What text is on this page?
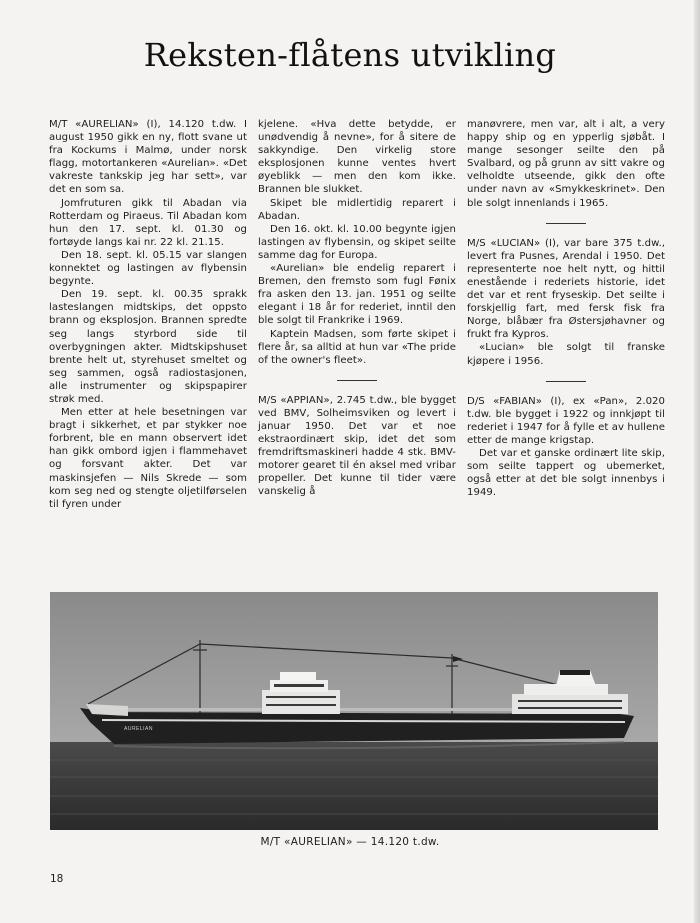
Reksten-flåtens utvikling

M/T «AURELIAN» (I), 14.120 t.dw. I august 1950 gikk en ny, flott svane ut fra Kockums i Malmø, under norsk flagg, motortankeren «Aurelian». «Det vakreste tankskip jeg har sett», var det en som sa.

Jomfruturen gikk til Abadan via Rotterdam og Piraeus. Til Abadan kom hun den 17. sept. kl. 01.30 og fortøyde langs kai nr. 22 kl. 21.15.

Den 18. sept. kl. 05.15 var slangen konnektet og lastingen av flybensin begynte.

Den 19. sept. kl. 00.35 sprakk lasteslangen midtskips, det oppsto brann og eksplosjon. Brannen spredte seg langs styrbord side til overbygningen akter. Midtskipshuset brente helt ut, styrehuset smeltet og seg sammen, også radiostasjonen, alle instrumenter og skipspapirer strøk med.

Men etter at hele besetningen var bragt i sikkerhet, et par stykker noe forbrent, ble en mann observert idet han gikk ombord igjen i flammehavet og forsvant akter. Det var maskinsjefen — Nils Skrede — som kom seg ned og stengte oljetilførselen til fyren under

kjelene. «Hva dette betydde, er unødvendig å nevne», for å sitere de sakkyndige. Den virkelig store eksplosjonen kunne ventes hvert øyeblikk — men den kom ikke. Brannen ble slukket.

Skipet ble midlertidig reparert i Abadan.

Den 16. okt. kl. 10.00 begynte igjen lastingen av flybensin, og skipet seilte samme dag for Europa.

«Aurelian» ble endelig reparert i Bremen, den fremsto som fugl Fønix fra asken den 13. jan. 1951 og seilte elegant i 18 år for rederiet, inntil den ble solgt til Frankrike i 1969.

Kaptein Madsen, som førte skipet i flere år, sa alltid at hun var «The pride of the owner's fleet».

M/S «APPIAN», 2.745 t.dw., ble bygget ved BMV, Solheimsviken og levert i januar 1950. Det var et noe ekstraordinært skip, idet det som fremdriftsmaskineri hadde 4 stk. BMV-motorer gearet til én aksel med vribar propeller. Det kunne til tider være vanskelig å

manøvrere, men var, alt i alt, a very happy ship og en ypperlig sjøbåt. I mange sesonger seilte den på Svalbard, og på grunn av sitt vakre og velholdte utseende, gikk den ofte under navn av «Smykkeskrinet». Den ble solgt innenlands i 1965.

M/S «LUCIAN» (I), var bare 375 t.dw., levert fra Pusnes, Arendal i 1950. Det representerte noe helt nytt, og hittil enestående i rederiets historie, idet det var et rent fryseskip. Det seilte i forskjellig fart, med fersk fisk fra Norge, blåbær fra Østersjøhavner og frukt fra Kypros.

«Lucian» ble solgt til franske kjøpere i 1956.

D/S «FABIAN» (I), ex «Pan», 2.020 t.dw. ble bygget i 1922 og innkjøpt til rederiet i 1947 for å fylle et av hullene etter de mange krigstap.

Det var et ganske ordinært lite skip, som seilte tappert og ubemerket, også etter at det ble solgt innenbys i 1949.

AURELIAN

M/T «AURELIAN» — 14.120 t.dw.

18
